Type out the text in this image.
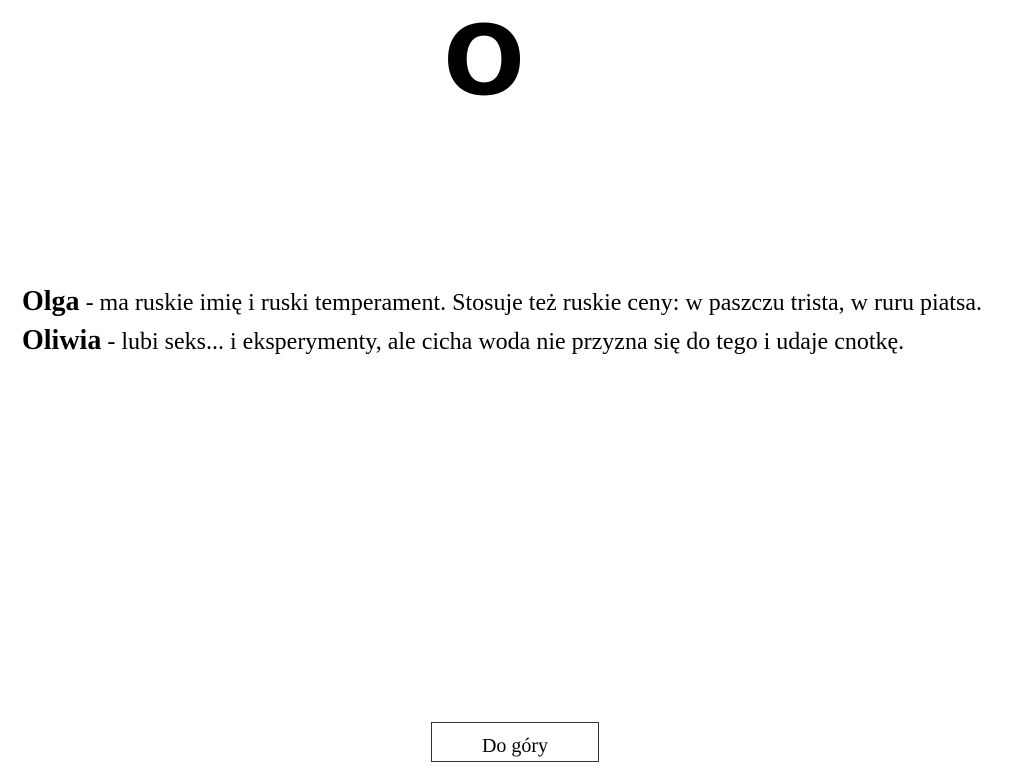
O

Olga - ma ruskie imię i ruski temperament. Stosuje też ruskie ceny: w paszczu trista, w ruru piatsa.

Oliwia - lubi seks... i eksperymenty, ale cicha woda nie przyzna się do tego i udaje cnotkę.

Do góry
